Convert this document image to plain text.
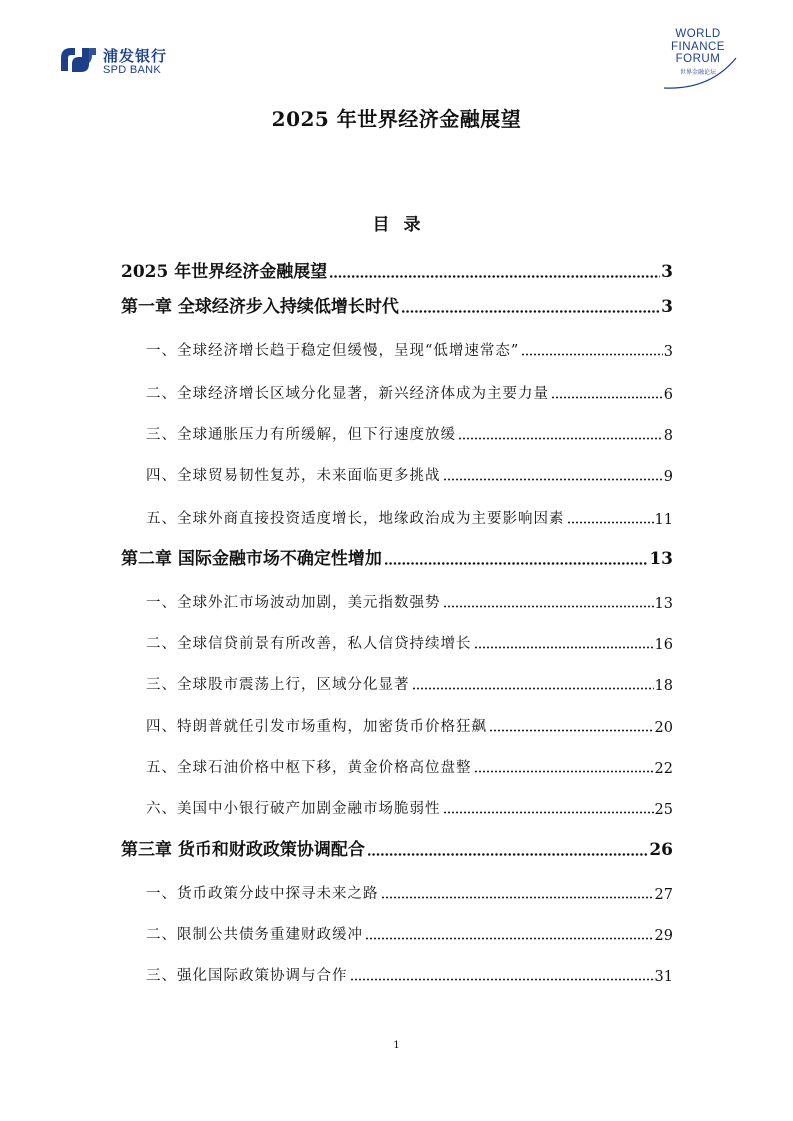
浦发银行
SPD BANK
WORLD
FINANCE
FORUM
世界金融论坛
2025 年世界经济金融展望
目录
2025 年世界经济金融展望	3
第一章 全球经济步入持续低增长时代	3
一、全球经济增长趋于稳定但缓慢，呈现“低增速常态”	3
二、全球经济增长区域分化显著，新兴经济体成为主要力量	6
三、全球通胀压力有所缓解，但下行速度放缓	8
四、全球贸易韧性复苏，未来面临更多挑战	9
五、全球外商直接投资适度增长，地缘政治成为主要影响因素	11
第二章 国际金融市场不确定性增加	13
一、全球外汇市场波动加剧，美元指数强势	13
二、全球信贷前景有所改善，私人信贷持续增长	16
三、全球股市震荡上行，区域分化显著	18
四、特朗普就任引发市场重构，加密货币价格狂飙	20
五、全球石油价格中枢下移，黄金价格高位盘整	22
六、美国中小银行破产加剧金融市场脆弱性	25
第三章 货币和财政政策协调配合	26
一、货币政策分歧中探寻未来之路	27
二、限制公共债务重建财政缓冲	29
三、强化国际政策协调与合作	31
1
